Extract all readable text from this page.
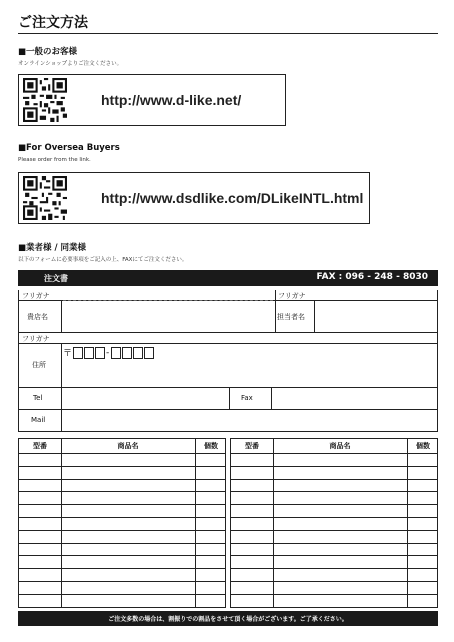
ご注文方法
■一般のお客様
オンラインショップよりご注文ください。
http://www.d-like.net/
■For Oversea Buyers
Please order from the link.
http://www.dsdlike.com/DLikeINTL.html
■業者様 / 同業様
以下のフォームに必要事項をご記入の上、FAXにてご注文ください。
注文書	FAX : 096 - 248 - 8030
フリガナ	フリガナ
貴店名	担当者名
フリガナ
住所
〒	-
Tel	Fax
Mail
型番	商品名	個数	型番	商品名	個数
ご注文多数の場合は、割振りでの割品をさせて頂く場合がございます。ご了承ください。
